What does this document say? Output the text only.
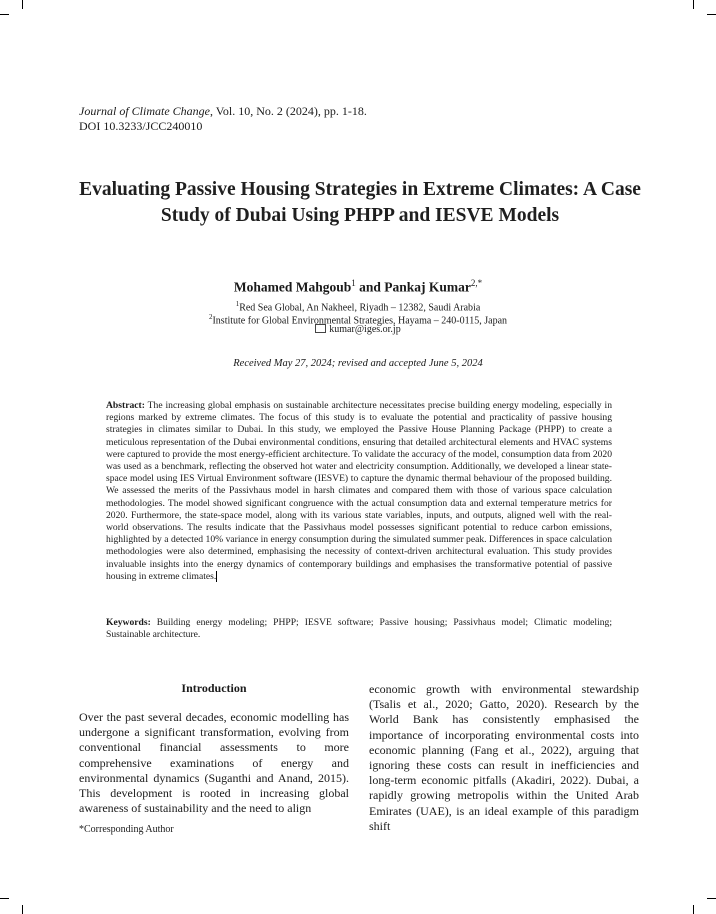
Journal of Climate Change, Vol. 10, No. 2 (2024), pp. 1-18.
DOI 10.3233/JCC240010
Evaluating Passive Housing Strategies in Extreme Climates: A Case Study of Dubai Using PHPP and IESVE Models
Mohamed Mahgoub$^1$ and Pankaj Kumar$^{2,*}$
$^1$Red Sea Global, An Nakheel, Riyadh – 12382, Saudi Arabia
$^2$Institute for Global Environmental Strategies, Hayama – 240-0115, Japan
kumar@iges.or.jp
Received May 27, 2024; revised and accepted June 5, 2024
Abstract: The increasing global emphasis on sustainable architecture necessitates precise building energy modeling, especially in regions marked by extreme climates. The focus of this study is to evaluate the potential and practicality of passive housing strategies in climates similar to Dubai. In this study, we employed the Passive House Planning Package (PHPP) to create a meticulous representation of the Dubai environmental conditions, ensuring that detailed architectural elements and HVAC systems were captured to provide the most energy-efficient architecture. To validate the accuracy of the model, consumption data from 2020 was used as a benchmark, reflecting the observed hot water and electricity consumption. Additionally, we developed a linear state-space model using IES Virtual Environment software (IESVE) to capture the dynamic thermal behaviour of the proposed building. We assessed the merits of the Passivhaus model in harsh climates and compared them with those of various space calculation methodologies. The model showed significant congruence with the actual consumption data and external temperature metrics for 2020. Furthermore, the state-space model, along with its various state variables, inputs, and outputs, aligned well with the real-world observations. The results indicate that the Passivhaus model possesses significant potential to reduce carbon emissions, highlighted by a detected 10% variance in energy consumption during the simulated summer peak. Differences in space calculation methodologies were also determined, emphasising the necessity of context-driven architectural evaluation. This study provides invaluable insights into the energy dynamics of contemporary buildings and emphasises the transformative potential of passive housing in extreme climates.
Keywords: Building energy modeling; PHPP; IESVE software; Passive housing; Passivhaus model; Climatic modeling; Sustainable architecture.
Introduction
Over the past several decades, economic modelling has undergone a significant transformation, evolving from conventional financial assessments to more comprehensive examinations of energy and environmental dynamics (Suganthi and Anand, 2015). This development is rooted in increasing global awareness of sustainability and the need to align
economic growth with environmental stewardship (Tsalis et al., 2020; Gatto, 2020). Research by the World Bank has consistently emphasised the importance of incorporating environmental costs into economic planning (Fang et al., 2022), arguing that ignoring these costs can result in inefficiencies and long-term economic pitfalls (Akadiri, 2022). Dubai, a rapidly growing metropolis within the United Arab Emirates (UAE), is an ideal example of this paradigm shift
*Corresponding Author
